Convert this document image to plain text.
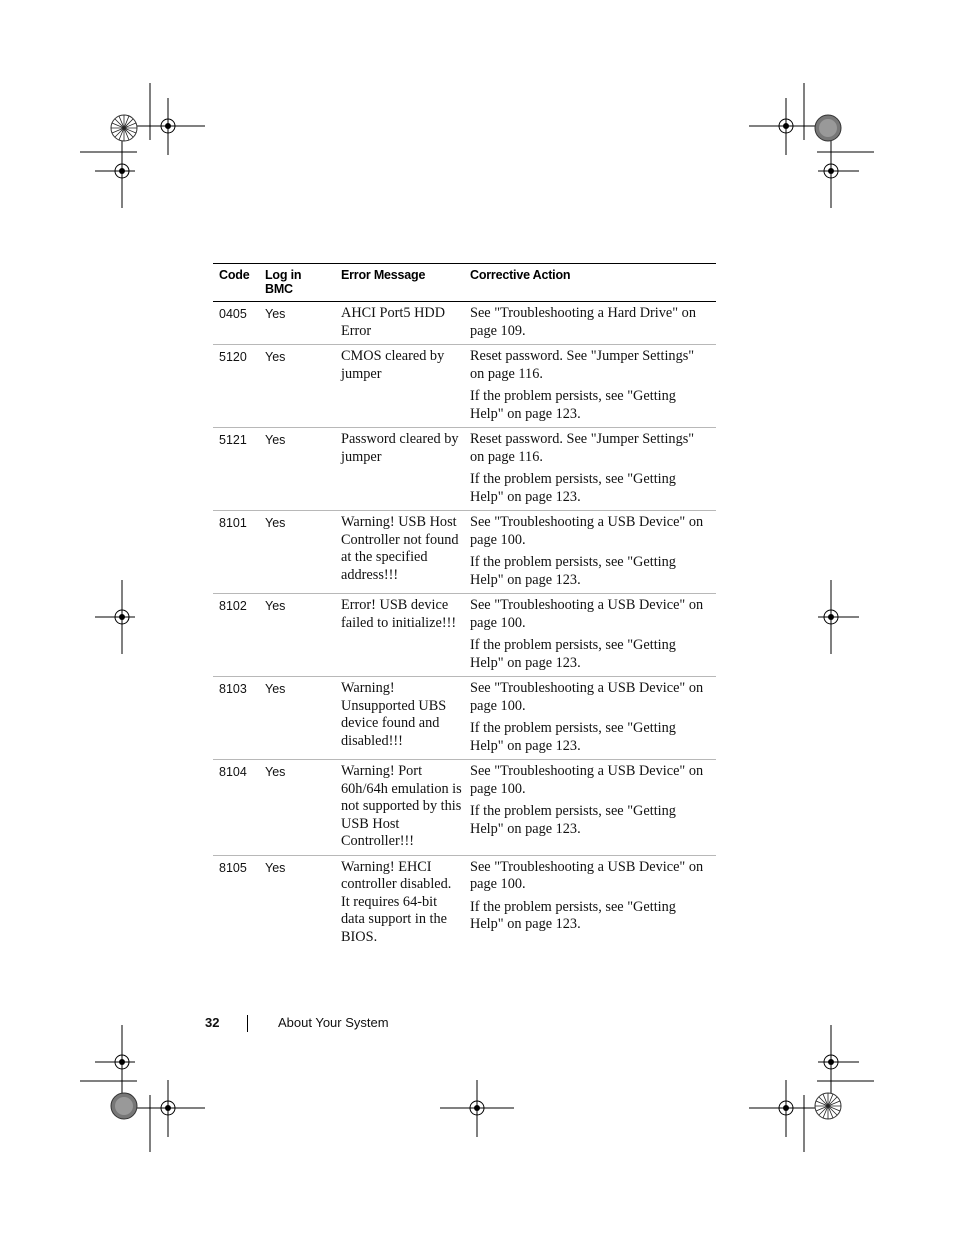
Code	Log in BMC	Error Message	Corrective Action
0405	Yes	AHCI Port5 HDD Error	See "Troubleshooting a Hard Drive" on page 109.

5120	Yes	CMOS cleared by jumper	Reset password. See "Jumper Settings" on page 116.

If the problem persists, see "Getting Help" on page 123.

5121	Yes	Password cleared by jumper	Reset password. See "Jumper Settings" on page 116.

If the problem persists, see "Getting Help" on page 123.

8101	Yes	Warning! USB Host Controller not found at the specified address!!!	See "Troubleshooting a USB Device" on page 100.

If the problem persists, see "Getting Help" on page 123.

8102	Yes	Error! USB device failed to initialize!!!	See "Troubleshooting a USB Device" on page 100.

If the problem persists, see "Getting Help" on page 123.

8103	Yes	Warning! Unsupported UBS device found and disabled!!!	See "Troubleshooting a USB Device" on page 100.

If the problem persists, see "Getting Help" on page 123.

8104	Yes	Warning! Port 60h/64h emulation is not supported by this USB Host Controller!!!	See "Troubleshooting a USB Device" on page 100.

If the problem persists, see "Getting Help" on page 123.

8105	Yes	Warning! EHCI controller disabled. It requires 64-bit data support in the BIOS.	See "Troubleshooting a USB Device" on page 100.

If the problem persists, see "Getting Help" on page 123.

32	About Your System
